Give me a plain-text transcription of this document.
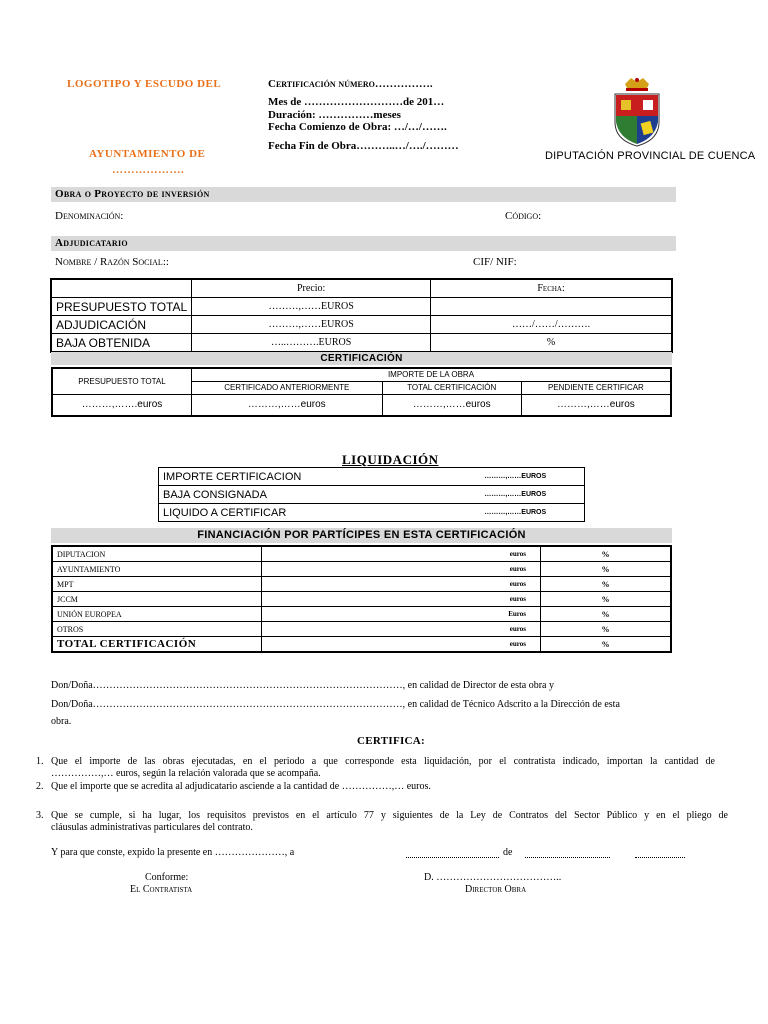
LOGOTIPO Y ESCUDO DEL
AYUNTAMIENTO DE
……………….
Certificación número…………….
Mes de ………………………de 201…
Duración: ……………meses
Fecha Comienzo de Obra: …/…/…….
Fecha Fin de Obra………..…/…./………
DIPUTACIÓN PROVINCIAL DE CUENCA
Obra o Proyecto de inversión
Denominación:	Código:
Adjudicatario
Nombre / Razón Social::	CIF/ NIF:
	Precio:	Fecha:
PRESUPUESTO TOTAL	………,……EUROS	
ADJUDICACIÓN	………,……EUROS	……/……/……….
BAJA OBTENIDA	…..……….EUROS	%
CERTIFICACIÓN
PRESUPUESTO TOTAL	IMPORTE DE LA OBRA		
	CERTIFICADO ANTERIORMENTE	TOTAL CERTIFICACIÓN	PENDIENTE CERTIFICAR
………,…….euros	………,……euros	………,……euros	………,……euros
LIQUIDACIÓN
IMPORTE CERTIFICACION	………,……EUROS
BAJA CONSIGNADA	………,……EUROS
LIQUIDO A CERTIFICAR	………,……EUROS
FINANCIACIÓN POR PARTÍCIPES EN ESTA CERTIFICACIÓN
DIPUTACION	euros	%
AYUNTAMIENTO	euros	%
MPT	euros	%
JCCM	euros	%
UNIÓN EUROPEA	Euros	%
OTROS	euros	%
TOTAL CERTIFICACIÓN	euros	%
Don/Doña…………………………………………………………………………………, en calidad de Director de esta obra y
Don/Doña…………………………………………………………………………………, en calidad de Técnico Adscrito a la Dirección de esta
obra.
CERTIFICA:
1. Que el importe de las obras ejecutadas, en el periodo a que corresponde esta liquidación, por el contratista indicado, importan la cantidad de
……………,… euros, según la relación valorada que se acompaña.
2. Que el importe que se acredita al adjudicatario asciende a la cantidad de ……………,… euros.
3. Que se cumple, si ha lugar, los requisitos previstos en el artículo 77 y siguientes de la Ley de Contratos del Sector Público y en el pliego de
cláusulas administrativas particulares del contrato.
Y para que conste, expido la presente en …………………, a	de
Conforme:
El Contratista
D. ………………………………..
Director Obra
